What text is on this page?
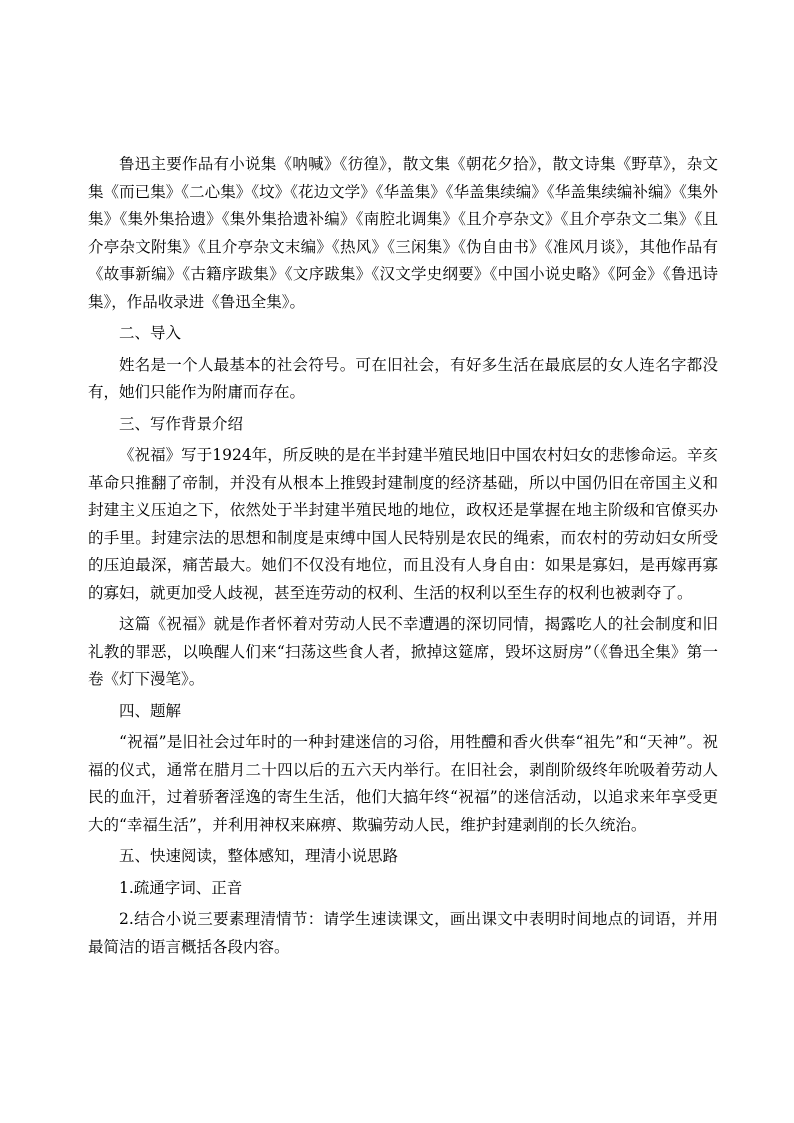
鲁迅主要作品有小说集《呐喊》《彷徨》，散文集《朝花夕拾》，散文诗集《野草》，杂文集《而已集》《二心集》《坟》《花边文学》《华盖集》《华盖集续编》《华盖集续编补编》《集外集》《集外集拾遗》《集外集拾遗补编》《南腔北调集》《且介亭杂文》《且介亭杂文二集》《且介亭杂文附集》《且介亭杂文末编》《热风》《三闲集》《伪自由书》《准风月谈》，其他作品有《故事新编》《古籍序跋集》《文序跋集》《汉文学史纲要》《中国小说史略》《阿金》《鲁迅诗集》，作品收录进《鲁迅全集》。

二、导入

姓名是一个人最基本的社会符号。可在旧社会，有好多生活在最底层的女人连名字都没有，她们只能作为附庸而存在。

三、写作背景介绍

《祝福》写于1924年，所反映的是在半封建半殖民地旧中国农村妇女的悲惨命运。辛亥革命只推翻了帝制，并没有从根本上推毁封建制度的经济基础，所以中国仍旧在帝国主义和封建主义压迫之下，依然处于半封建半殖民地的地位，政权还是掌握在地主阶级和官僚买办的手里。封建宗法的思想和制度是束缚中国人民特别是农民的绳索，而农村的劳动妇女所受的压迫最深，痛苦最大。她们不仅没有地位，而且没有人身自由：如果是寡妇，是再嫁再寡的寡妇，就更加受人歧视，甚至连劳动的权利、生活的权利以至生存的权利也被剥夺了。

这篇《祝福》就是作者怀着对劳动人民不幸遭遇的深切同情，揭露吃人的社会制度和旧礼教的罪恶，以唤醒人们来“扫荡这些食人者，掀掉这筵席，毁坏这厨房”（《鲁迅全集》第一卷《灯下漫笔》。

四、题解

“祝福”是旧社会过年时的一种封建迷信的习俗，用牲醴和香火供奉“祖先”和“天神”。祝福的仪式，通常在腊月二十四以后的五六天内举行。在旧社会，剥削阶级终年吮吸着劳动人民的血汗，过着骄奢淫逸的寄生生活，他们大搞年终“祝福”的迷信活动，以追求来年享受更大的“幸福生活”，并利用神权来麻痹、欺骗劳动人民，维护封建剥削的长久统治。

五、快速阅读，整体感知，理清小说思路

1.疏通字词、正音

2.结合小说三要素理清情节：请学生速读课文，画出课文中表明时间地点的词语，并用最简洁的语言概括各段内容。
